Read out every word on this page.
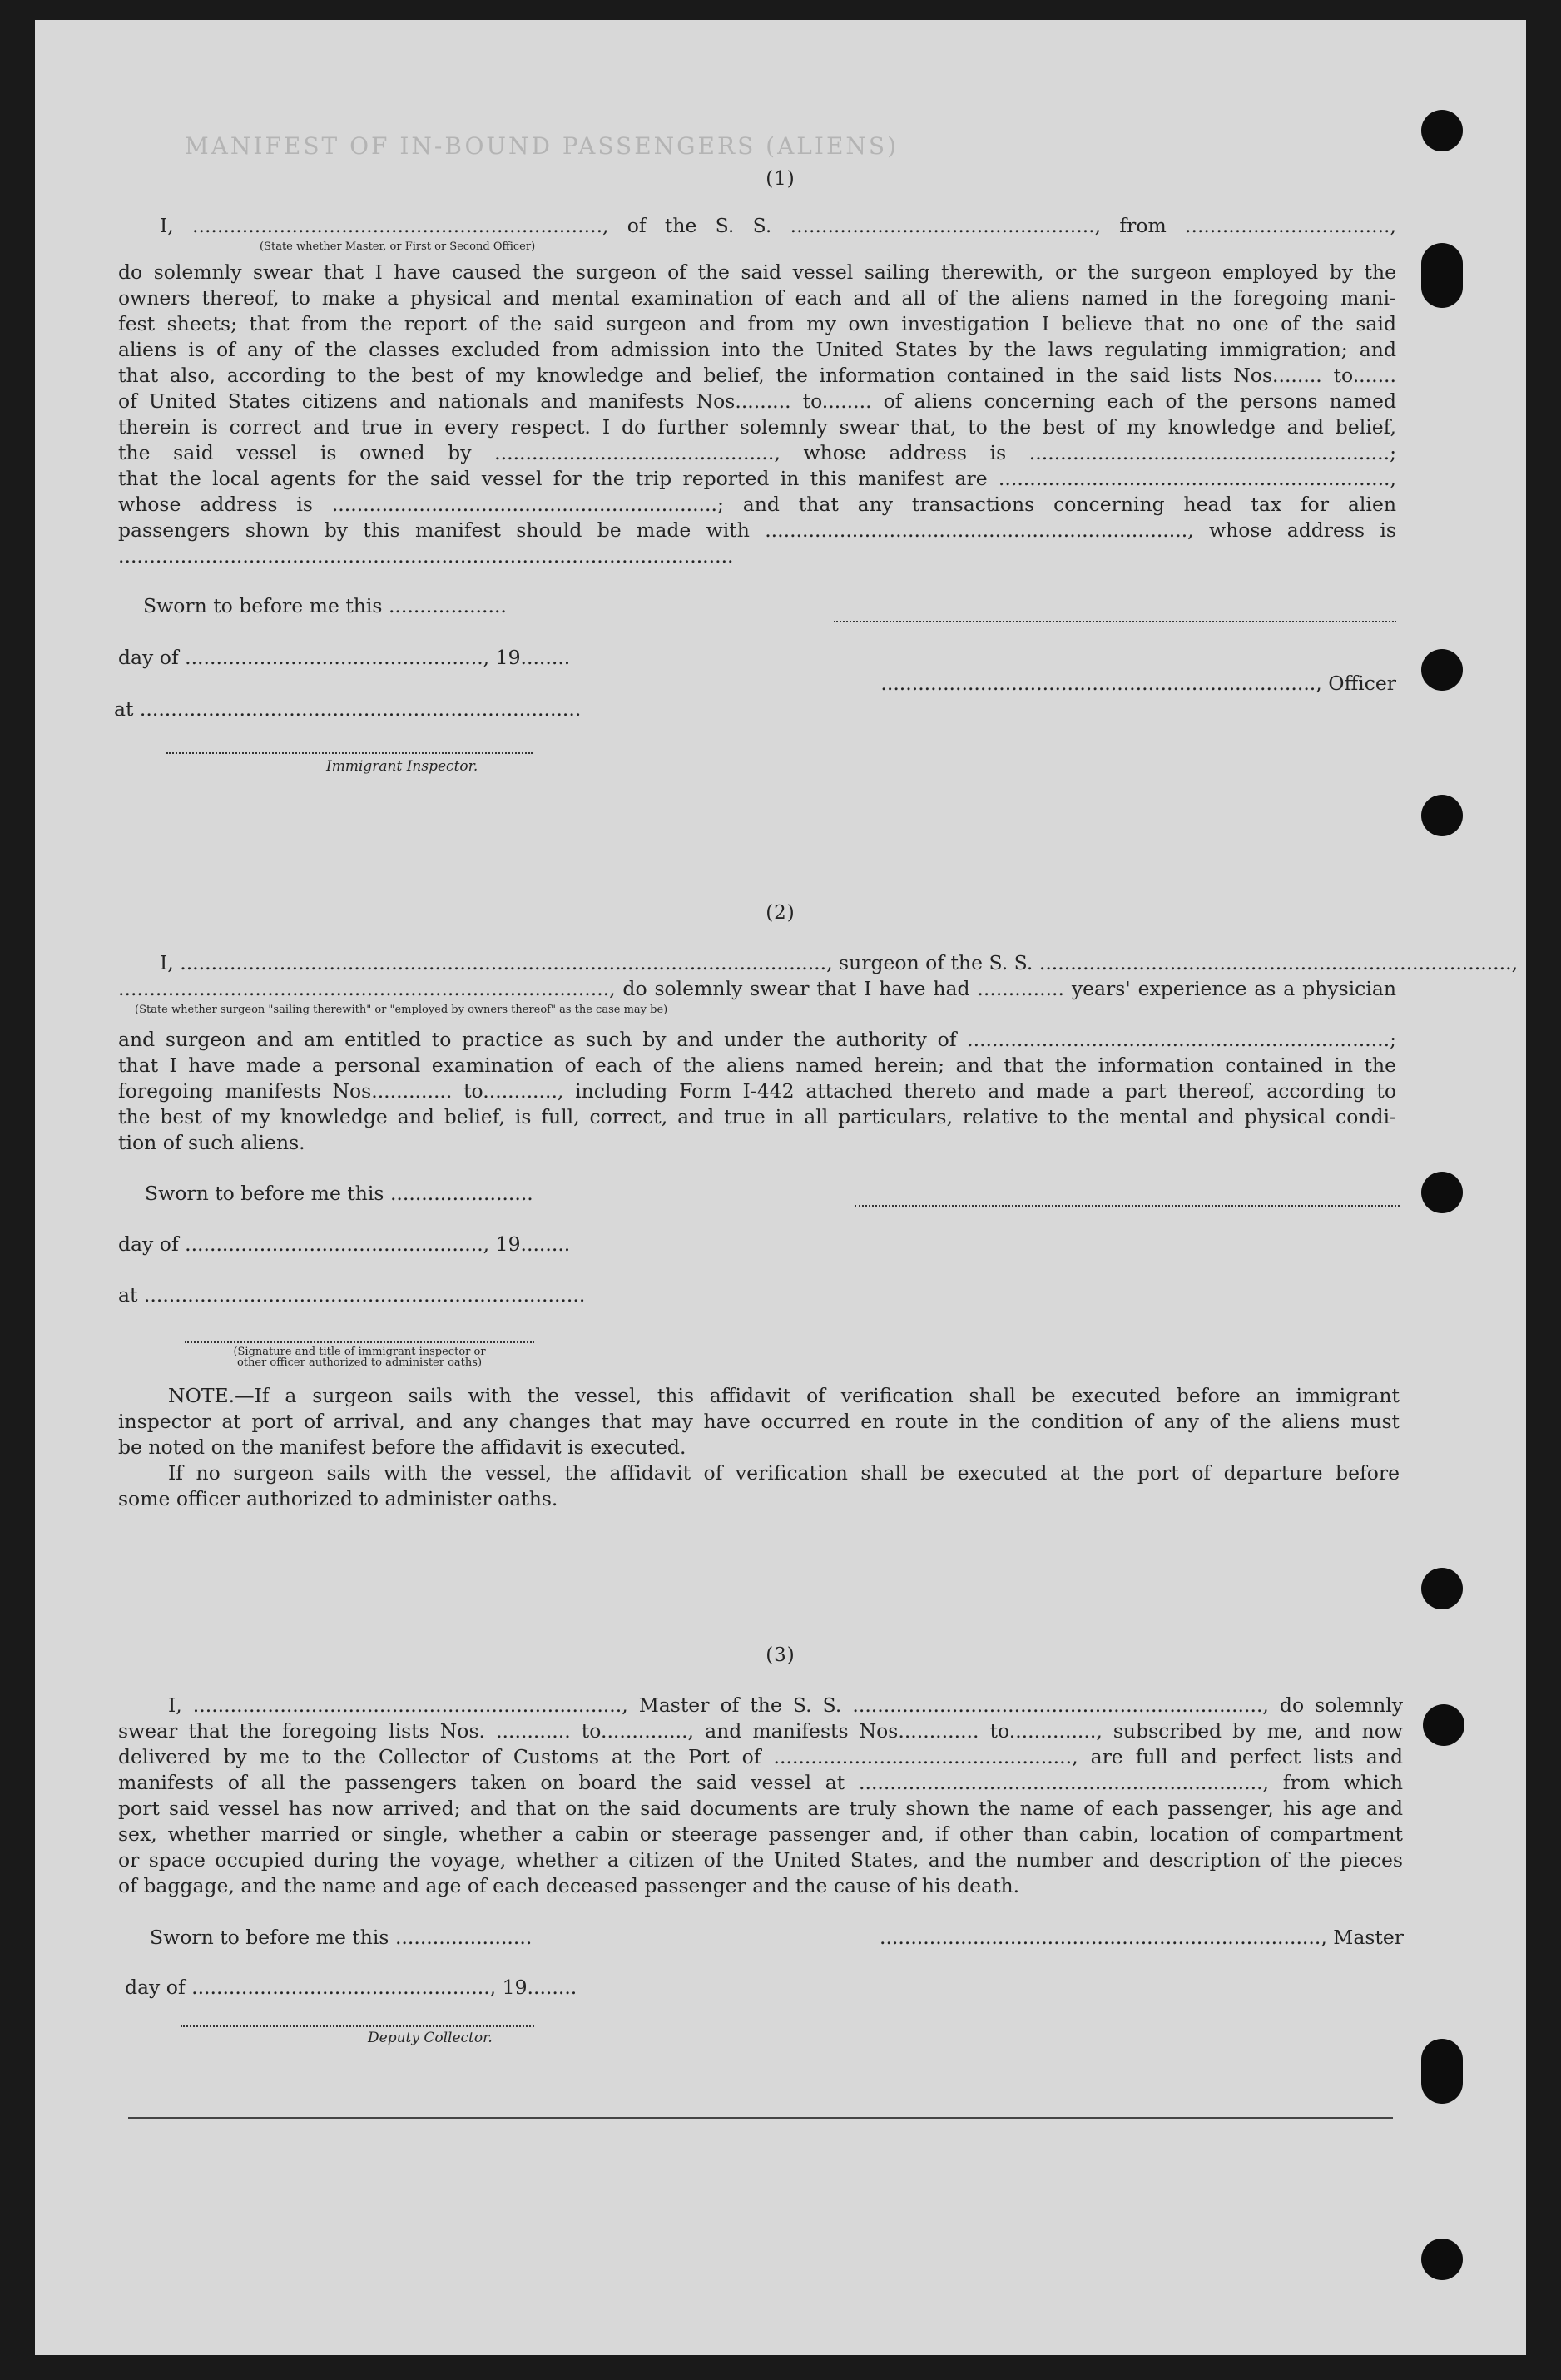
MANIFEST OF IN-BOUND PASSENGERS (ALIENS)
(1)
I, .................................................................., of the S. S. ................................................., from .................................,
(State whether Master, or First or Second Officer)
do solemnly swear that I have caused the surgeon of the said vessel sailing therewith, or the surgeon employed by the
owners thereof, to make a physical and mental examination of each and all of the aliens named in the foregoing mani-
fest sheets; that from the report of the said surgeon and from my own investigation I believe that no one of the said
aliens is of any of the classes excluded from admission into the United States by the laws regulating immigration; and
that also, according to the best of my knowledge and belief, the information contained in the said lists Nos........ to.......
of United States citizens and nationals and manifests Nos......... to........ of aliens concerning each of the persons named
therein is correct and true in every respect. I do further solemnly swear that, to the best of my knowledge and belief,
the said vessel is owned by ............................................., whose address is ..........................................................;
that the local agents for the said vessel for the trip reported in this manifest are ...............................................................,
whose address is ..............................................................; and that any transactions concerning head tax for alien
passengers shown by this manifest should be made with ...................................................................., whose address is
...................................................................................................
Sworn to before me this ...................
day of ................................................, 19........
......................................................................, Officer
at .......................................................................
Immigrant Inspector.
(2)
I, ........................................................................................................, surgeon of the S. S. ............................................................................,
..............................................................................., do solemnly swear that I have had .............. years' experience as a physician
(State whether surgeon "sailing therewith" or "employed by owners thereof" as the case may be)
and surgeon and am entitled to practice as such by and under the authority of ....................................................................;
that I have made a personal examination of each of the aliens named herein; and that the information contained in the
foregoing manifests Nos............. to............, including Form I-442 attached thereto and made a part thereof, according to
the best of my knowledge and belief, is full, correct, and true in all particulars, relative to the mental and physical condi-
tion of such aliens.
Sworn to before me this .......................
day of ................................................, 19........
at .......................................................................
(Signature and title of immigrant inspector or
other officer authorized to administer oaths)
NOTE.—If a surgeon sails with the vessel, this affidavit of verification shall be executed before an immigrant
inspector at port of arrival, and any changes that may have occurred en route in the condition of any of the aliens must
be noted on the manifest before the affidavit is executed.
If no surgeon sails with the vessel, the affidavit of verification shall be executed at the port of departure before
some officer authorized to administer oaths.
(3)
I, ....................................................................., Master of the S. S. .................................................................., do solemnly
swear that the foregoing lists Nos. ............ to.............., and manifests Nos............. to.............., subscribed by me, and now
delivered by me to the Collector of Customs at the Port of ................................................, are full and perfect lists and
manifests of all the passengers taken on board the said vessel at ................................................................., from which
port said vessel has now arrived; and that on the said documents are truly shown the name of each passenger, his age and
sex, whether married or single, whether a cabin or steerage passenger and, if other than cabin, location of compartment
or space occupied during the voyage, whether a citizen of the United States, and the number and description of the pieces
of baggage, and the name and age of each deceased passenger and the cause of his death.
Sworn to before me this ......................	......................................................................., Master
day of ................................................, 19........
Deputy Collector.
